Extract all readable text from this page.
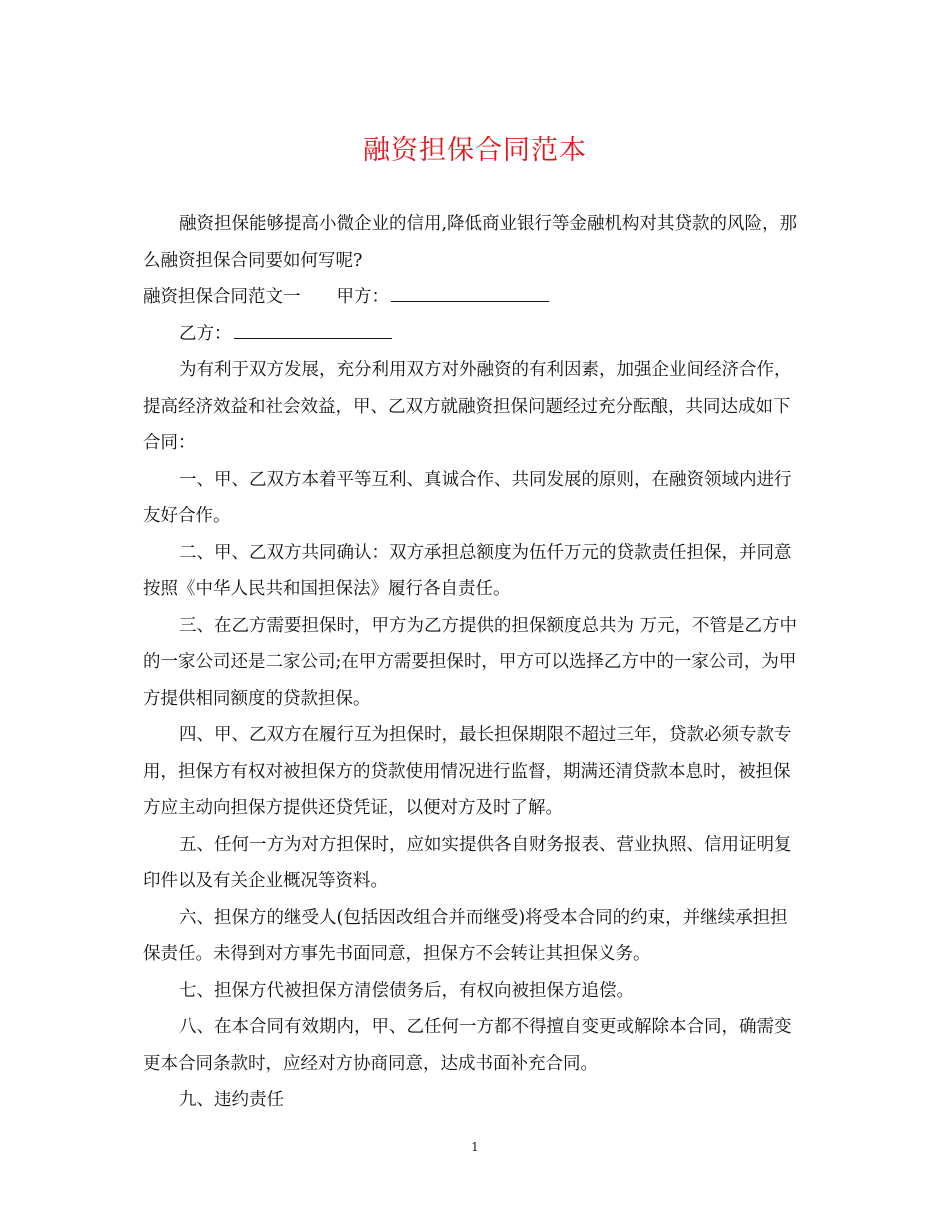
融资担保合同范本

融资担保能够提高小微企业的信用,降低商业银行等金融机构对其贷款的风险，那么融资担保合同要如何写呢?

融资担保合同范文一 甲方：

乙方：

为有利于双方发展，充分利用双方对外融资的有利因素，加强企业间经济合作，提高经济效益和社会效益，甲、乙双方就融资担保问题经过充分酝酿，共同达成如下合同：

一、甲、乙双方本着平等互利、真诚合作、共同发展的原则，在融资领域内进行友好合作。

二、甲、乙双方共同确认：双方承担总额度为伍仟万元的贷款责任担保，并同意按照《中华人民共和国担保法》履行各自责任。

三、在乙方需要担保时，甲方为乙方提供的担保额度总共为 万元，不管是乙方中的一家公司还是二家公司;在甲方需要担保时，甲方可以选择乙方中的一家公司，为甲方提供相同额度的贷款担保。

四、甲、乙双方在履行互为担保时，最长担保期限不超过三年，贷款必须专款专用，担保方有权对被担保方的贷款使用情况进行监督，期满还清贷款本息时，被担保方应主动向担保方提供还贷凭证，以便对方及时了解。

五、任何一方为对方担保时，应如实提供各自财务报表、营业执照、信用证明复印件以及有关企业概况等资料。

六、担保方的继受人(包括因改组合并而继受)将受本合同的约束，并继续承担担保责任。未得到对方事先书面同意，担保方不会转让其担保义务。

七、担保方代被担保方清偿债务后，有权向被担保方追偿。

八、在本合同有效期内，甲、乙任何一方都不得擅自变更或解除本合同，确需变更本合同条款时，应经对方协商同意，达成书面补充合同。

九、违约责任

1
